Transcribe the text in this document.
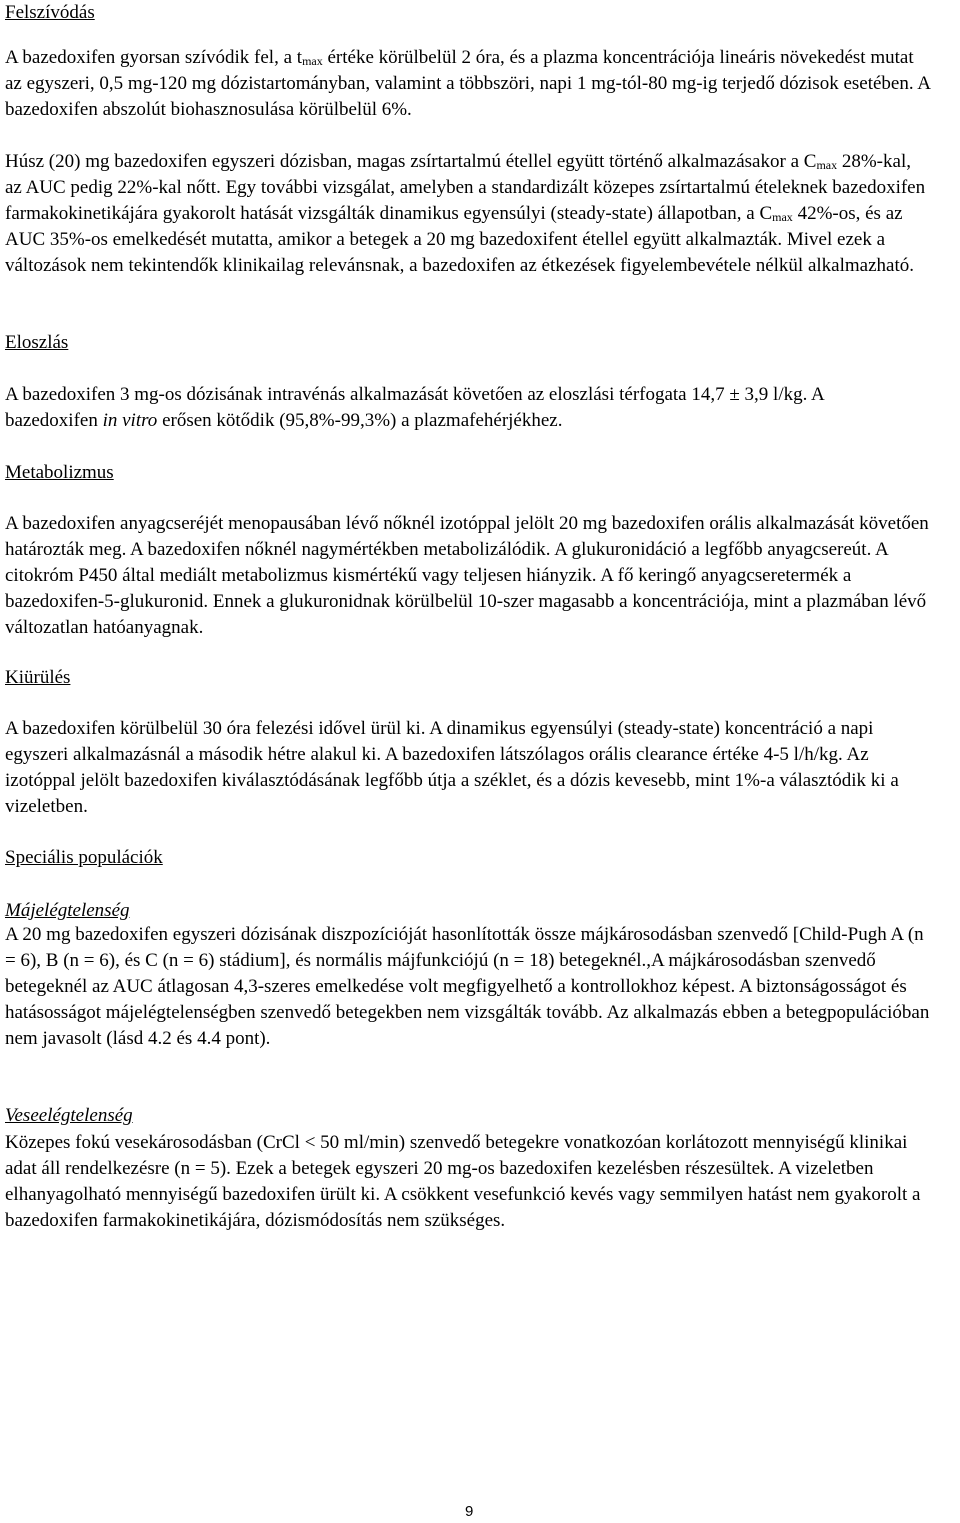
Felszívódás

A bazedoxifen gyorsan szívódik fel, a $t_{max}$ értéke körülbelül 2 óra, és a plazma koncentrációja lineáris növekedést mutat az egyszeri, 0,5 mg-120 mg dózistartományban, valamint a többszöri, napi 1 mg-tól-80 mg-ig terjedő dózisok esetében. A bazedoxifen abszolút biohasznosulása körülbelül 6%.

Húsz (20) mg bazedoxifen egyszeri dózisban, magas zsírtartalmú étellel együtt történő alkalmazásakor a $C_{max}$ 28%-kal, az AUC pedig 22%-kal nőtt. Egy további vizsgálat, amelyben a standardizált közepes zsírtartalmú ételeknek bazedoxifen farmakokinetikájára gyakorolt hatását vizsgálták dinamikus egyensúlyi (steady-state) állapotban, a $C_{max}$ 42%-os, és az AUC 35%-os emelkedését mutatta, amikor a betegek a 20 mg bazedoxifent étellel együtt alkalmazták. Mivel ezek a változások nem tekintendők klinikailag relevánsnak, a bazedoxifen az étkezések figyelembevétele nélkül alkalmazható.

Eloszlás

A bazedoxifen 3 mg-os dózisának intravénás alkalmazását követően az eloszlási térfogata 14,7 ± 3,9 l/kg. A bazedoxifen in vitro erősen kötődik (95,8%-99,3%) a plazmafehérjékhez.

Metabolizmus

A bazedoxifen anyagcseréjét menopausában lévő nőknél izotóppal jelölt 20 mg bazedoxifen orális alkalmazását követően határozták meg. A bazedoxifen nőknél nagymértékben metabolizálódik. A glukuronidáció a legfőbb anyagcsereút. A citokróm P450 által mediált metabolizmus kismértékű vagy teljesen hiányzik. A fő keringő anyagcseretermék a bazedoxifen-5-glukuronid. Ennek a glukuronidnak körülbelül 10-szer magasabb a koncentrációja, mint a plazmában lévő változatlan hatóanyagnak.

Kiürülés

A bazedoxifen körülbelül 30 óra felezési idővel ürül ki. A dinamikus egyensúlyi (steady-state) koncentráció a napi egyszeri alkalmazásnál a második hétre alakul ki. A bazedoxifen látszólagos orális clearance értéke 4-5 l/h/kg. Az izotóppal jelölt bazedoxifen kiválasztódásának legfőbb útja a széklet, és a dózis kevesebb, mint 1%-a választódik ki a vizeletben.

Speciális populációk

Májelégtelenség

A 20 mg bazedoxifen egyszeri dózisának diszpozícióját hasonlították össze májkárosodásban szenvedő [Child-Pugh A (n = 6), B (n = 6), és C (n = 6) stádium], és normális májfunkciójú (n = 18) betegeknél.,A májkárosodásban szenvedő betegeknél az AUC átlagosan 4,3-szeres emelkedése volt megfigyelhető a kontrollokhoz képest. A biztonságosságot és hatásosságot májelégtelenségben szenvedő betegekben nem vizsgálták tovább. Az alkalmazás ebben a betegpopulációban nem javasolt (lásd 4.2 és 4.4 pont).

Veseelégtelenség

Közepes fokú vesekárosodásban (CrCl < 50 ml/min) szenvedő betegekre vonatkozóan korlátozott mennyiségű klinikai adat áll rendelkezésre (n = 5). Ezek a betegek egyszeri 20 mg-os bazedoxifen kezelésben részesültek. A vizeletben elhanyagolható mennyiségű bazedoxifen ürült ki. A csökkent vesefunkció kevés vagy semmilyen hatást nem gyakorolt a bazedoxifen farmakokinetikájára, dózismódosítás nem szükséges.

9
